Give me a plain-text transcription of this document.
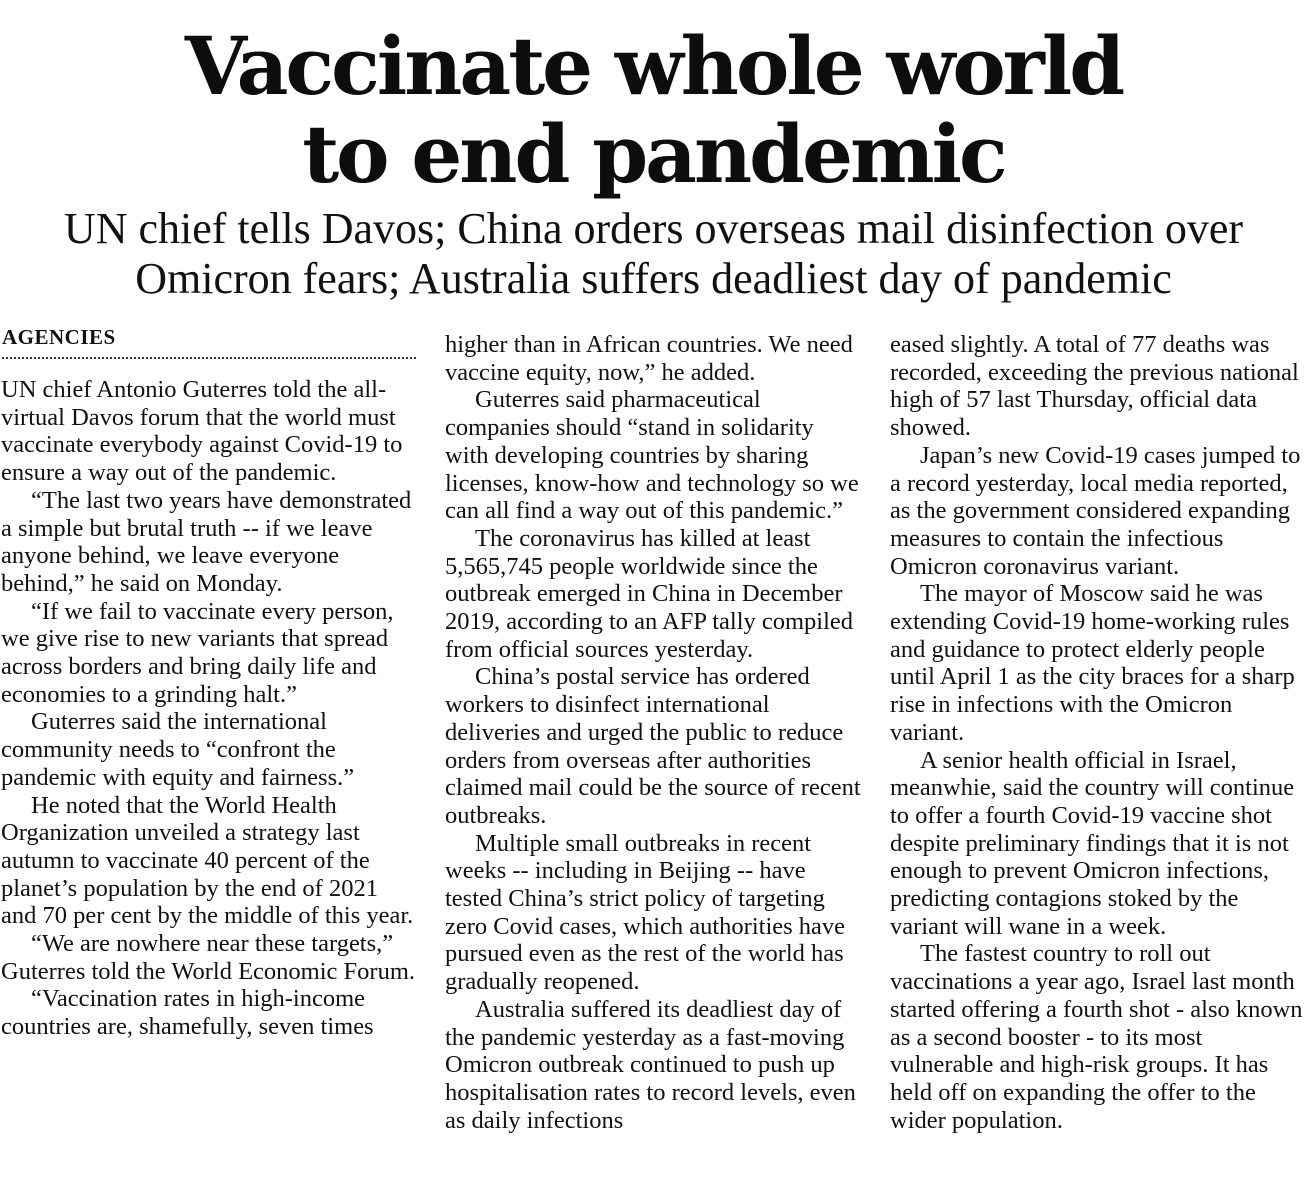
Vaccinate whole world
to end pandemic
UN chief tells Davos; China orders overseas mail disinfection over
Omicron fears; Australia suffers deadliest day of pandemic
AGENCIES

UN chief Antonio Guterres told the all-virtual Davos forum that the world must vaccinate everybody against Covid-19 to ensure a way out of the pandemic.

“The last two years have demonstrated a simple but brutal truth -- if we leave anyone behind, we leave everyone behind,” he said on Monday.

“If we fail to vaccinate every person, we give rise to new variants that spread across borders and bring daily life and economies to a grinding halt.”

Guterres said the international community needs to “confront the pandemic with equity and fairness.”

He noted that the World Health Organization unveiled a strategy last autumn to vaccinate 40 percent of the planet’s population by the end of 2021 and 70 per cent by the middle of this year.

“We are nowhere near these targets,” Guterres told the World Economic Forum.

“Vaccination rates in high-income countries are, shamefully, seven times

higher than in African countries. We need vaccine equity, now,” he added.

Guterres said pharmaceutical companies should “stand in solidarity with developing countries by sharing licenses, know-how and technology so we can all find a way out of this pandemic.”

The coronavirus has killed at least 5,565,745 people worldwide since the outbreak emerged in China in December 2019, according to an AFP tally compiled from official sources yesterday.

China’s postal service has ordered workers to disinfect international deliveries and urged the public to reduce orders from overseas after authorities claimed mail could be the source of recent outbreaks.

Multiple small outbreaks in recent weeks -- including in Beijing -- have tested China’s strict policy of targeting zero Covid cases, which authorities have pursued even as the rest of the world has gradually reopened.

Australia suffered its deadliest day of the pandemic yesterday as a fast-moving Omicron outbreak continued to push up hospitalisation rates to record levels, even as daily infections

eased slightly. A total of 77 deaths was recorded, exceeding the previous national high of 57 last Thursday, official data showed.

Japan’s new Covid-19 cases jumped to a record yesterday, local media reported, as the government considered expanding measures to contain the infectious Omicron coronavirus variant.

The mayor of Moscow said he was extending Covid-19 home-working rules and guidance to protect elderly people until April 1 as the city braces for a sharp rise in infections with the Omicron variant.

A senior health official in Israel, meanwhie, said the country will continue to offer a fourth Covid-19 vaccine shot despite preliminary findings that it is not enough to prevent Omicron infections, predicting contagions stoked by the variant will wane in a week.

The fastest country to roll out vaccinations a year ago, Israel last month started offering a fourth shot - also known as a second booster - to its most vulnerable and high-risk groups. It has held off on expanding the offer to the wider population.
